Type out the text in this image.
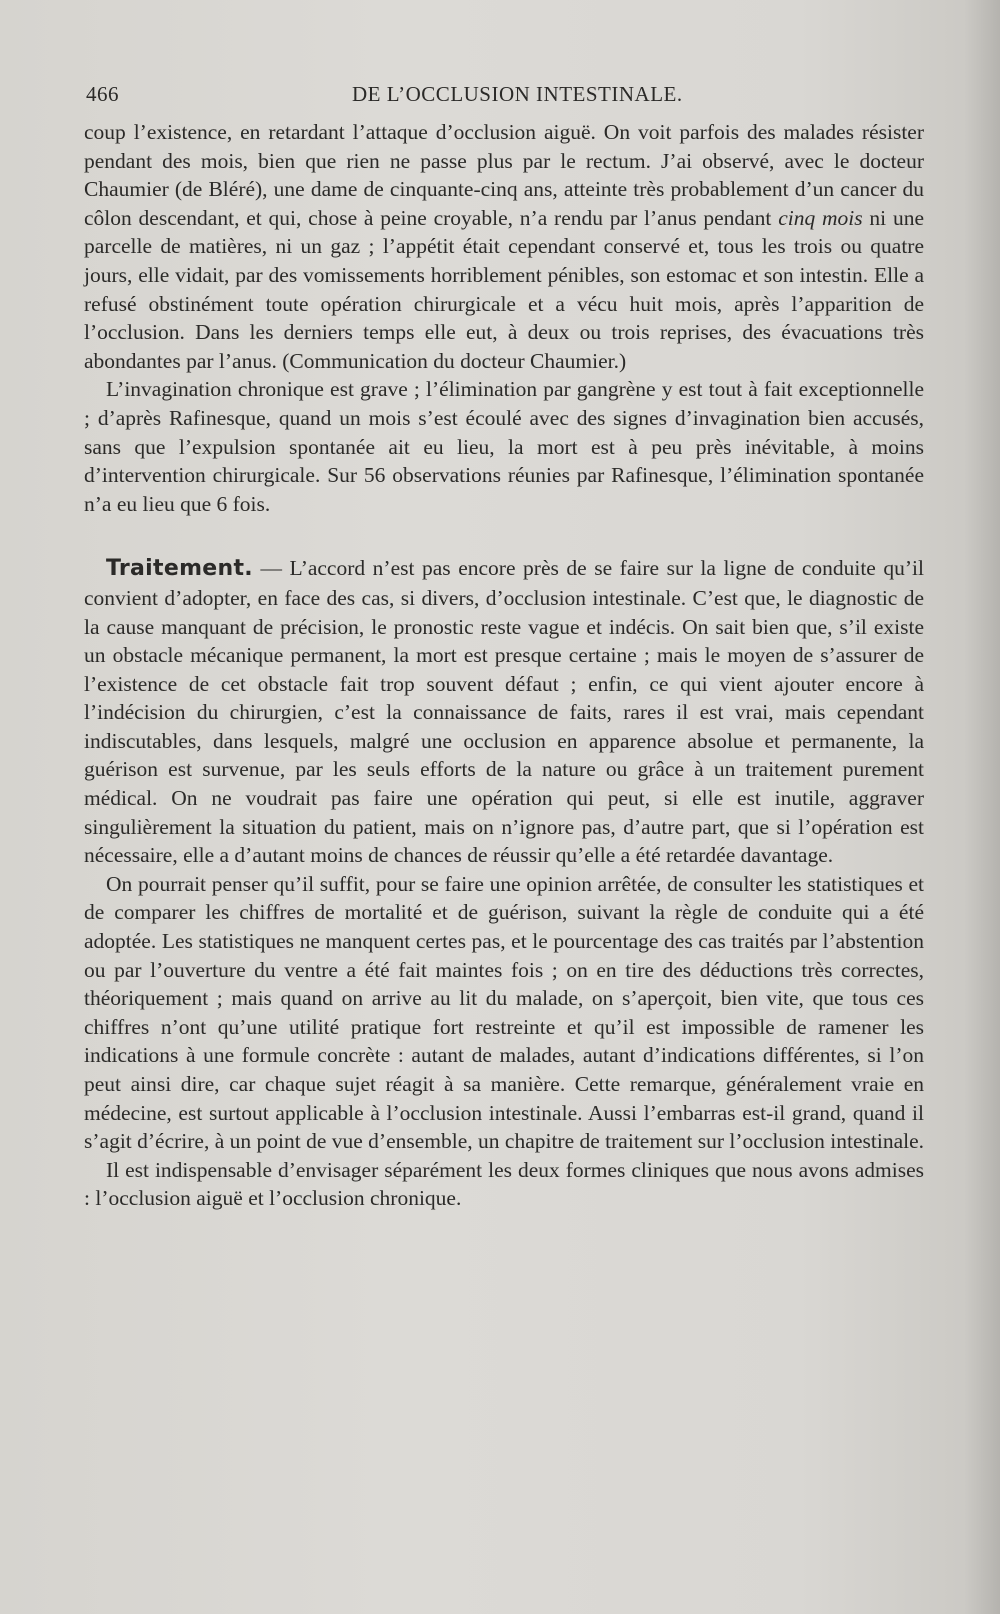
466	DE L’OCCLUSION INTESTINALE.

coup l’existence, en retardant l’attaque d’occlusion aiguë. On voit parfois des malades résister pendant des mois, bien que rien ne passe plus par le rectum. J’ai observé, avec le docteur Chaumier (de Bléré), une dame de cinquante-cinq ans, atteinte très probablement d’un cancer du côlon descendant, et qui, chose à peine croyable, n’a rendu par l’anus pendant cinq mois ni une parcelle de matières, ni un gaz ; l’appétit était cependant conservé et, tous les trois ou quatre jours, elle vidait, par des vomissements horriblement pénibles, son estomac et son intestin. Elle a refusé obstinément toute opération chirurgicale et a vécu huit mois, après l’apparition de l’occlusion. Dans les derniers temps elle eut, à deux ou trois reprises, des évacuations très abondantes par l’anus. (Communication du docteur Chaumier.)

L’invagination chronique est grave ; l’élimination par gangrène y est tout à fait exceptionnelle ; d’après Rafinesque, quand un mois s’est écoulé avec des signes d’invagination bien accusés, sans que l’expulsion spontanée ait eu lieu, la mort est à peu près inévitable, à moins d’intervention chirurgicale. Sur 56 observations réunies par Rafinesque, l’élimination spontanée n’a eu lieu que 6 fois.

Traitement. — L’accord n’est pas encore près de se faire sur la ligne de conduite qu’il convient d’adopter, en face des cas, si divers, d’occlusion intestinale. C’est que, le diagnostic de la cause manquant de précision, le pronostic reste vague et indécis. On sait bien que, s’il existe un obstacle mécanique permanent, la mort est presque certaine ; mais le moyen de s’assurer de l’existence de cet obstacle fait trop souvent défaut ; enfin, ce qui vient ajouter encore à l’indécision du chirurgien, c’est la connaissance de faits, rares il est vrai, mais cependant indiscutables, dans lesquels, malgré une occlusion en apparence absolue et permanente, la guérison est survenue, par les seuls efforts de la nature ou grâce à un traitement purement médical. On ne voudrait pas faire une opération qui peut, si elle est inutile, aggraver singulièrement la situation du patient, mais on n’ignore pas, d’autre part, que si l’opération est nécessaire, elle a d’autant moins de chances de réussir qu’elle a été retardée davantage.

On pourrait penser qu’il suffit, pour se faire une opinion arrêtée, de consulter les statistiques et de comparer les chiffres de mortalité et de guérison, suivant la règle de conduite qui a été adoptée. Les statistiques ne manquent certes pas, et le pourcentage des cas traités par l’abstention ou par l’ouverture du ventre a été fait maintes fois ; on en tire des déductions très correctes, théoriquement ; mais quand on arrive au lit du malade, on s’aperçoit, bien vite, que tous ces chiffres n’ont qu’une utilité pratique fort restreinte et qu’il est impossible de ramener les indications à une formule concrète : autant de malades, autant d’indications différentes, si l’on peut ainsi dire, car chaque sujet réagit à sa manière. Cette remarque, généralement vraie en médecine, est surtout applicable à l’occlusion intestinale. Aussi l’embarras est-il grand, quand il s’agit d’écrire, à un point de vue d’ensemble, un chapitre de traitement sur l’occlusion intestinale.

Il est indispensable d’envisager séparément les deux formes cliniques que nous avons admises : l’occlusion aiguë et l’occlusion chronique.
